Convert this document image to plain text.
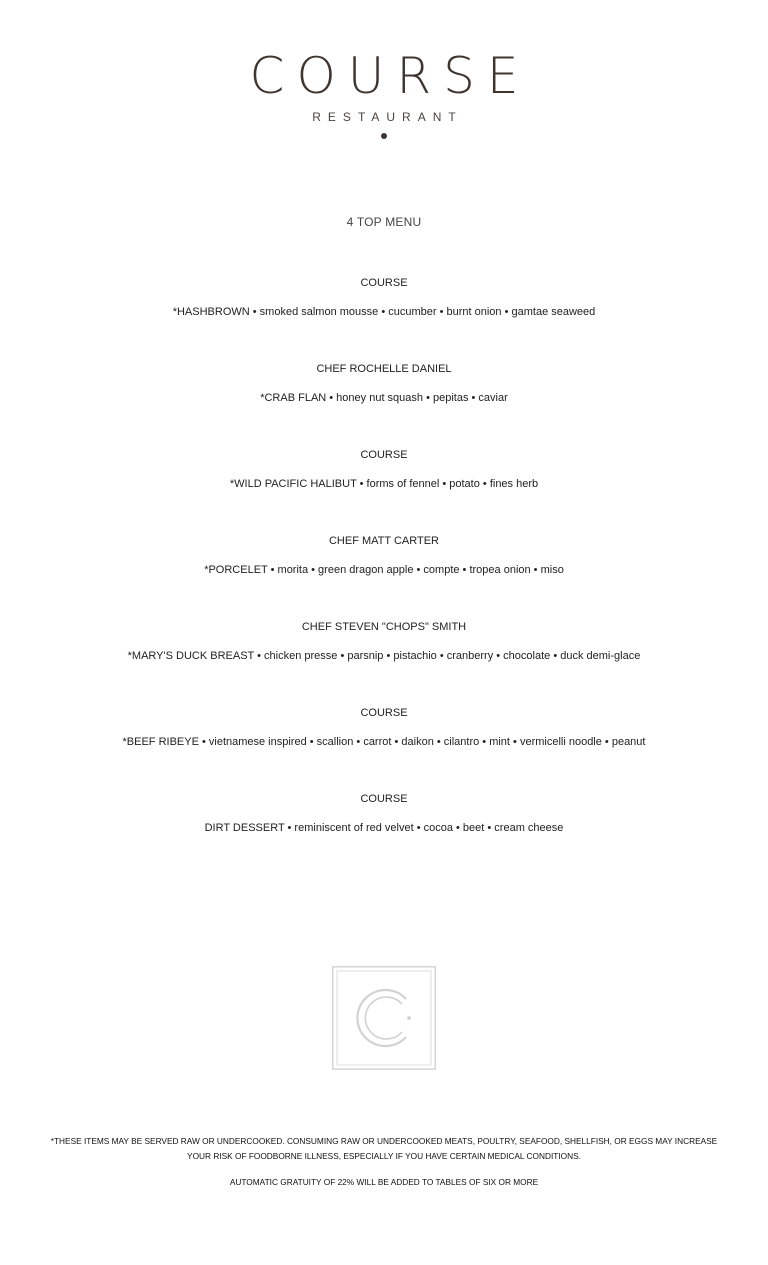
COURSE
RESTAURANT
4 TOP MENU
COURSE
*HASHBROWN • smoked salmon mousse • cucumber • burnt onion • gamtae seaweed
CHEF ROCHELLE DANIEL
*CRAB FLAN • honey nut squash • pepitas • caviar
COURSE
*WILD PACIFIC HALIBUT • forms of fennel • potato • fines herb
CHEF MATT CARTER
*PORCELET • morita • green dragon apple • compte • tropea onion • miso
CHEF STEVEN "CHOPS" SMITH
*MARY'S DUCK BREAST • chicken presse • parsnip • pistachio • cranberry • chocolate • duck demi-glace
COURSE
*BEEF RIBEYE • vietnamese inspired • scallion • carrot • daikon • cilantro • mint • vermicelli noodle • peanut
COURSE
DIRT DESSERT • reminiscent of red velvet • cocoa • beet • cream cheese
*THESE ITEMS MAY BE SERVED RAW OR UNDERCOOKED. CONSUMING RAW OR UNDERCOOKED MEATS, POULTRY, SEAFOOD, SHELLFISH, OR EGGS MAY INCREASE YOUR RISK OF FOODBORNE ILLNESS, ESPECIALLY IF YOU HAVE CERTAIN MEDICAL CONDITIONS.
AUTOMATIC GRATUITY OF 22% WILL BE ADDED TO TABLES OF SIX OR MORE
